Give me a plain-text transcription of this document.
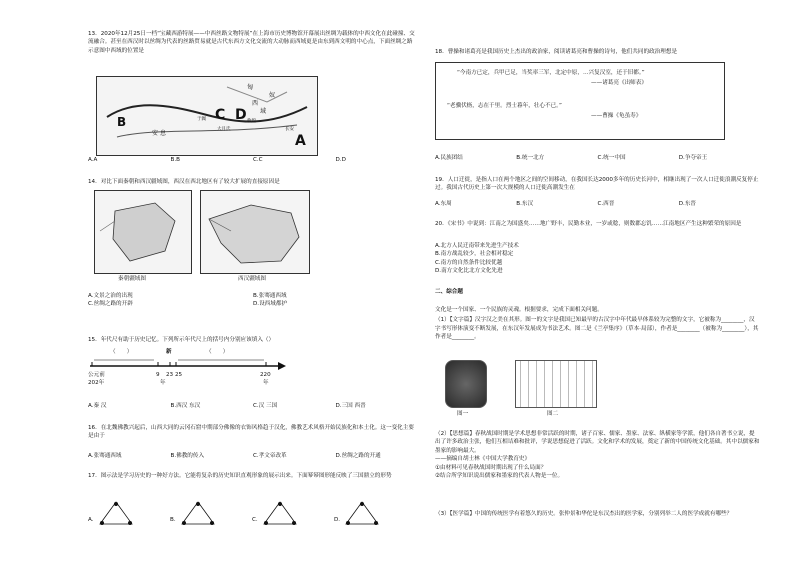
13．2020年12月25日一档“宝藏西游特展——中西丝路文物特展”在上海市历史博物馆开幕展出丝绸为载体的中西文化在此碰撞、交流融合。甚至在西汉时以丝绸为代表的丝路贸易就是古代东西方文化交流的大动脉而西域更是由东到西文明的中心点，下面丝绸之路示意图中西域的位置是

匈
奴
西
域
安 息
大月氏	长安
敦煌
于阗
B	C D
A
A.A	B.B	C.C	D.D

14．对比下面秦朝和西汉疆域图，西汉在西北地区有了较大扩展的直接原因是

秦朝疆域图	西汉疆域图
A.文景之治的出现	B.张骞通西域
C.丝绸之路的开辟	D.设西域都护

15．年代尺有助于历史记忆。下列所示年代尺上的括号内分别应该填入（）

（　　）	新	（　　）
公元前
202年
9 23 25
年
220
年
A.秦 汉	B.西汉 东汉	C.汉 三国	D.三国 西晋

16．在北魏佛教兴起后，山西大同的云冈石窟中期部分佛像的衣饰风格趋于汉化，佛教艺术风格开始民族化和本土化。这一变化主要是由于

A.张骞通西域	B.佛教的传入	C.孝文帝改革	D.丝绸之路的开通

17．图示法是学习历史的一种好方法。它能将复杂的历史知识直观形象的展示出来。下面幂幂图形能反映了三国鼎立的形势

A.	B.	C.	D.

18．曹操和诸葛亮是我国历史上杰出的政治家，阅读诸葛亮和曹操的诗句，他们共同的政治理想是

“今南方已定，兵甲已足，当奖率三军，北定中原，…兴复汉室，还于旧都。”

——诸葛亮《出师表》

“老骥伏枥，志在千里。烈士暮年，壮心不已。”

——曹操《龟虽寿》

A.民族团结	B.统一北方	C.统一中国	D.争夺帝王

19．人口迁徙，是指人口在两个地区之间的空间移动，在我国长达2000多年的历史长河中，相继出现了一次人口迁徙浪潮反复停止过。我国古代历史上第一次大规模的人口迁徙高潮发生在

A.东周	B.东汉	C.西晋	D.东晋

20．《宋书》中说到：江南之为国盛矣……地广野丰，民勤本业，一岁或稔，则数郡忘饥……江南地区产生这种繁荣的原因是

A.北方人民迁南带来先进生产技术

B.南方战乱较少，社会相对稳定

C.南方的自然条件比较优越

D.南方文化比北方文化先进

二、综合题

文化是一个国家、一个民族的灵魂。根据要求，完成下面相关问题。

（1）【文字篇】汉字汉之美在其形。图一的文字是我国已知最早的古汉字中年代最早体系较为完整的文字，它被称为________，汉字书写形体演变不断发展，在东汉年发展成为书法艺术。图二是《兰亭集序》（草本·局部），作者是________（被称为________），其作者是________。

图一	图二

（2）【思想篇】春秋战国时期是学术思想非常活跃的时期，诸子百家、儒家、墨家、法家、纵横家等学派，他们各自著书立说，提出了许多政治主张，他们互相诘难和批评，学说思想促进了活跃。文化和学术的发展，奠定了新的中国传统文化基础。其中以儒家和墨家的影响最大。

——摘编自胡士林《中国大学教育史》

①由材料可见春秋战国时期出现了什么局面？

②结合所学知识说出儒家和墨家的代表人物是一位。

（3）【医学篇】中国的传统医学有着悠久的历史。张仲景和华佗是东汉杰出的医学家，分别列举二人的医学成就有哪些？
